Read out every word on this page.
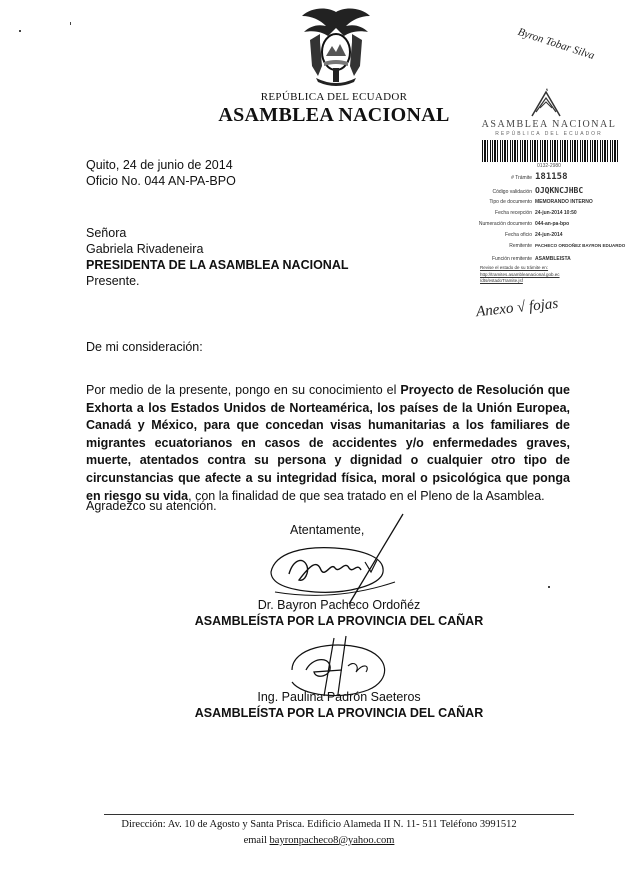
REPÚBLICA DEL ECUADOR
ASAMBLEA NACIONAL
Byron Tobar Silva
ASAMBLEA NACIONAL
REPÚBLICA DEL ECUADOR
0132-2980
# Trámite 181158
Código validación OJQKNCJHBC
Tipo de documento MEMORANDO INTERNO
Fecha recepción 24-jun-2014 10:50
Numeración documento 044-an-pa-bpo
Fecha oficio 24-jun-2014
Remitente PACHECO ORDOÑEZ BAYRON EDUARDO
Función remitente ASAMBLEISTA
Revise el estado de su trámite en:
http://tramites.asambleanacional.gob.ec
/dts/estadoTramite.jsf
Quito, 24 de junio de 2014
Oficio No. 044 AN-PA-BPO
Señora
Gabriela Rivadeneira
PRESIDENTA DE LA ASAMBLEA NACIONAL
Presente.
Anexo √ fojas
De mi consideración:
Por medio de la presente, pongo en su conocimiento el Proyecto de Resolución que Exhorta a los Estados Unidos de Norteamérica, los países de la Unión Europea, Canadá y México, para que concedan visas humanitarias a los familiares de migrantes ecuatorianos en casos de accidentes y/o enfermedades graves, muerte, atentados contra su persona y dignidad o cualquier otro tipo de circunstancias que afecte a su integridad física, moral o psicológica que ponga en riesgo su vida, con la finalidad de que sea tratado en el Pleno de la Asamblea.
Agradezco su atención.
Atentamente,
Dr. Bayron Pacheco Ordoñéz
ASAMBLEÍSTA POR LA PROVINCIA DEL CAÑAR
Ing. Paulina Padrón Saeteros
ASAMBLEÍSTA POR LA PROVINCIA DEL CAÑAR
Dirección: Av. 10 de Agosto y Santa Prisca. Edificio Alameda II N. 11- 511 Teléfono 3991512
email bayronpacheco8@yahoo.com
